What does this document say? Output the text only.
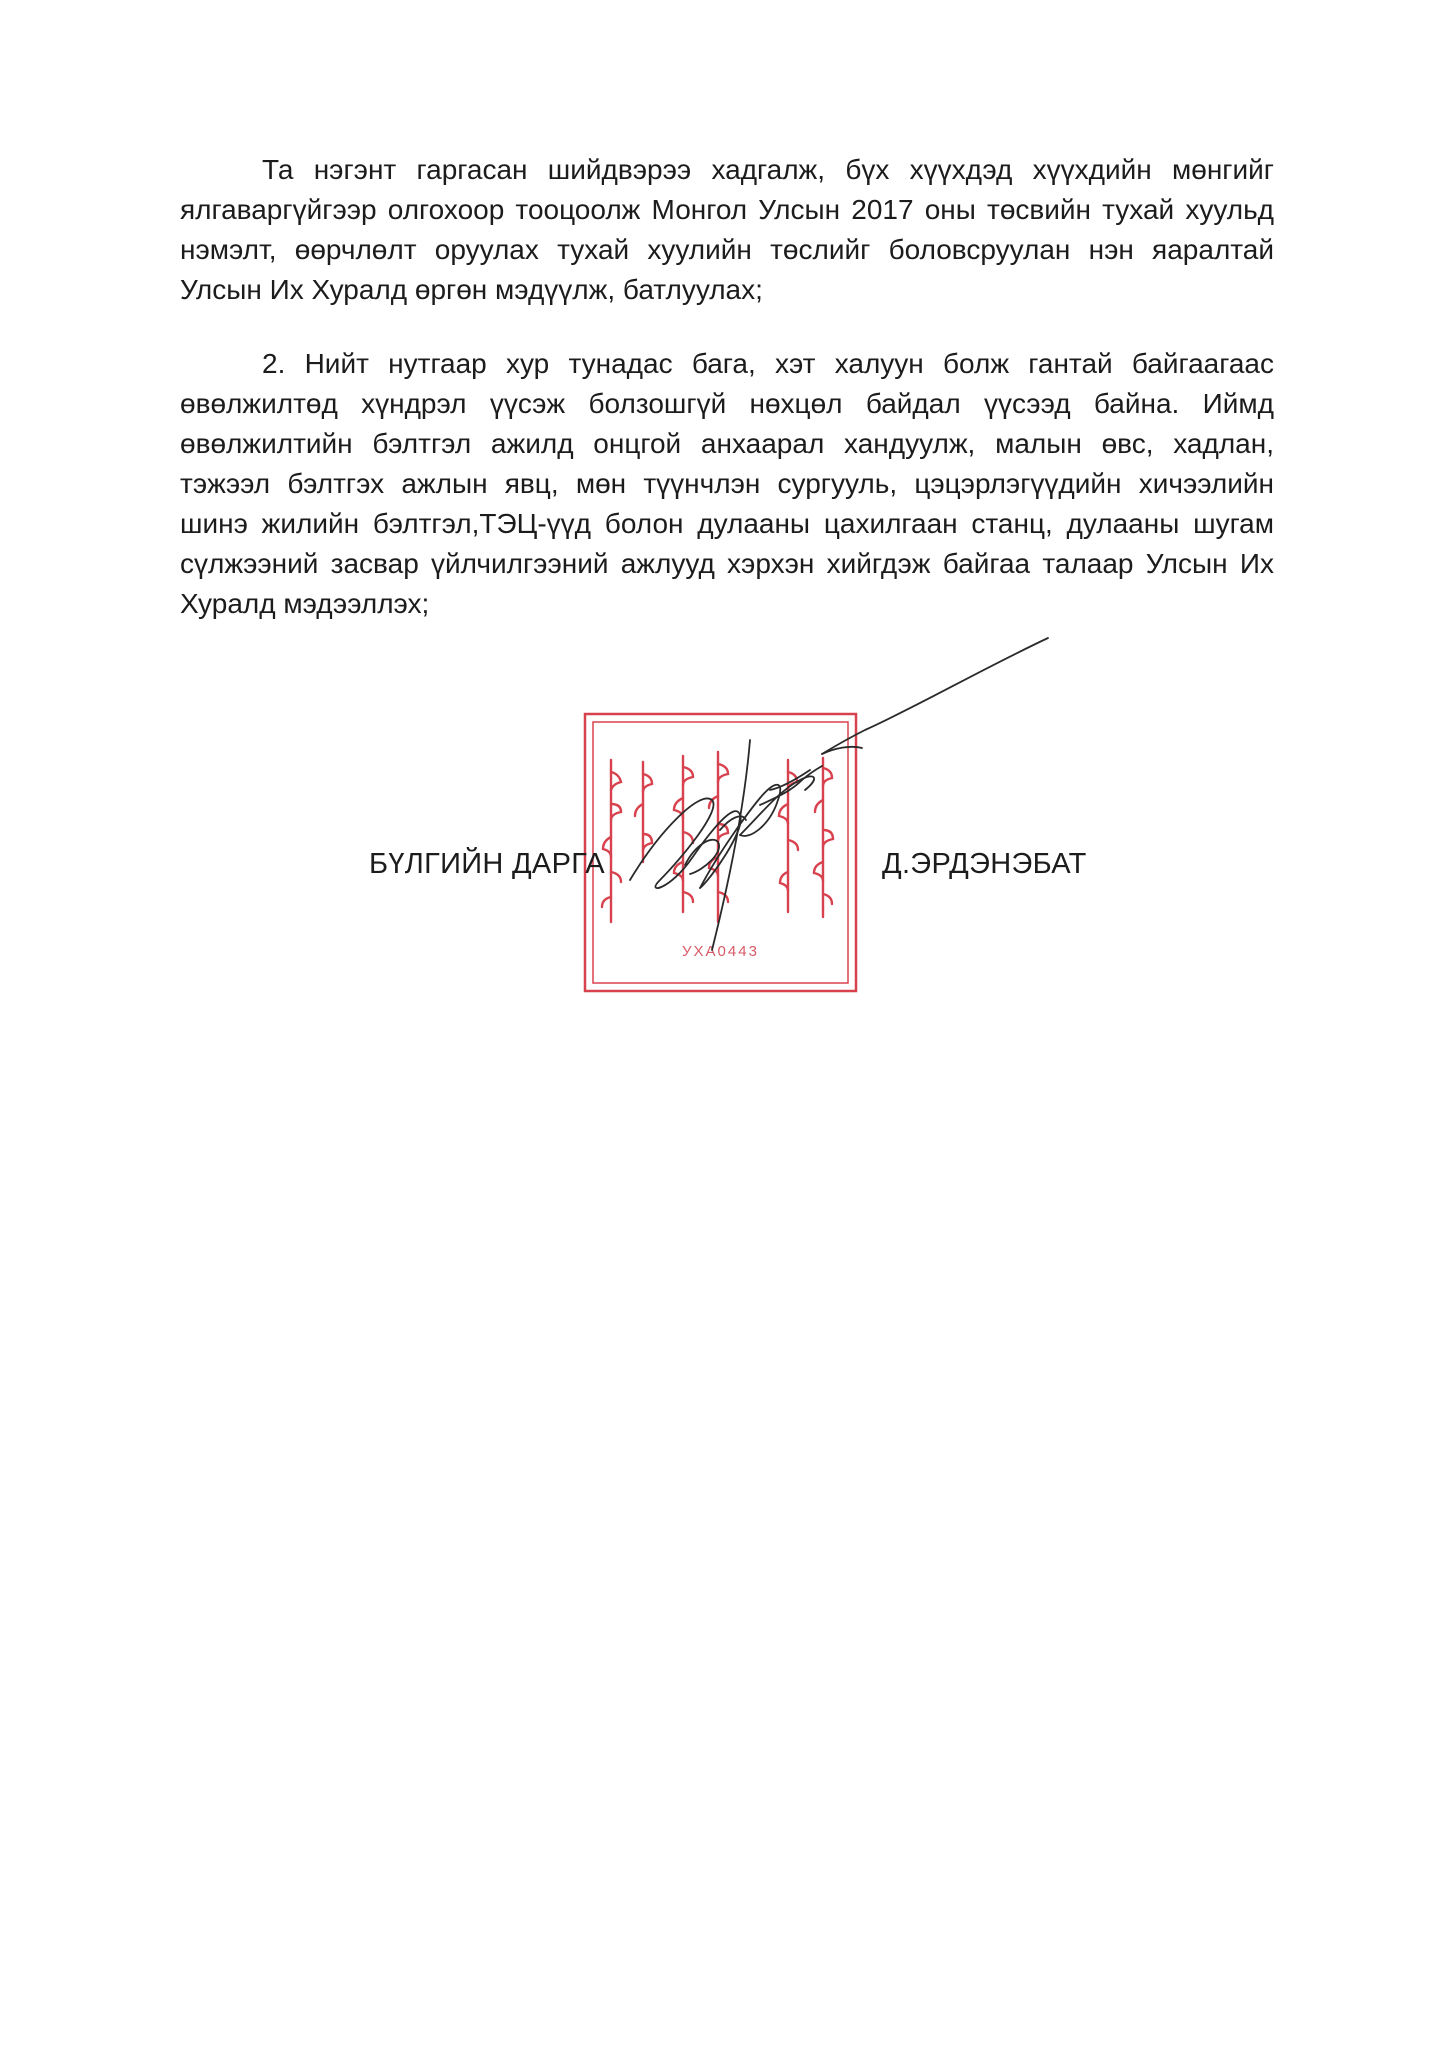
Та нэгэнт гаргасан шийдвэрээ хадгалж, бүх хүүхдэд хүүхдийн мөнгийг ялгаваргүйгээр олгохоор тооцоолж Монгол Улсын 2017 оны төсвийн тухай хуульд нэмэлт, өөрчлөлт оруулах тухай хуулийн төслийг боловсруулан нэн яаралтай Улсын Их Хуралд өргөн мэдүүлж, батлуулах;

2. Нийт нутгаар хур тунадас бага, хэт халуун болж гантай байгаагаас өвөлжилтөд хүндрэл үүсэж болзошгүй нөхцөл байдал үүсээд байна. Иймд өвөлжилтийн бэлтгэл ажилд онцгой анхаарал хандуулж, малын өвс, хадлан, тэжээл бэлтгэх ажлын явц, мөн түүнчлэн сургууль, цэцэрлэгүүдийн хичээлийн шинэ жилийн бэлтгэл,ТЭЦ-үүд болон дулааны цахилгаан станц, дулааны шугам сүлжээний засвар үйлчилгээний ажлууд хэрхэн хийгдэж байгаа талаар Улсын Их Хуралд мэдээллэх;

УХА0443
БҮЛГИЙН ДАРГА	Д.ЭРДЭНЭБАТ
